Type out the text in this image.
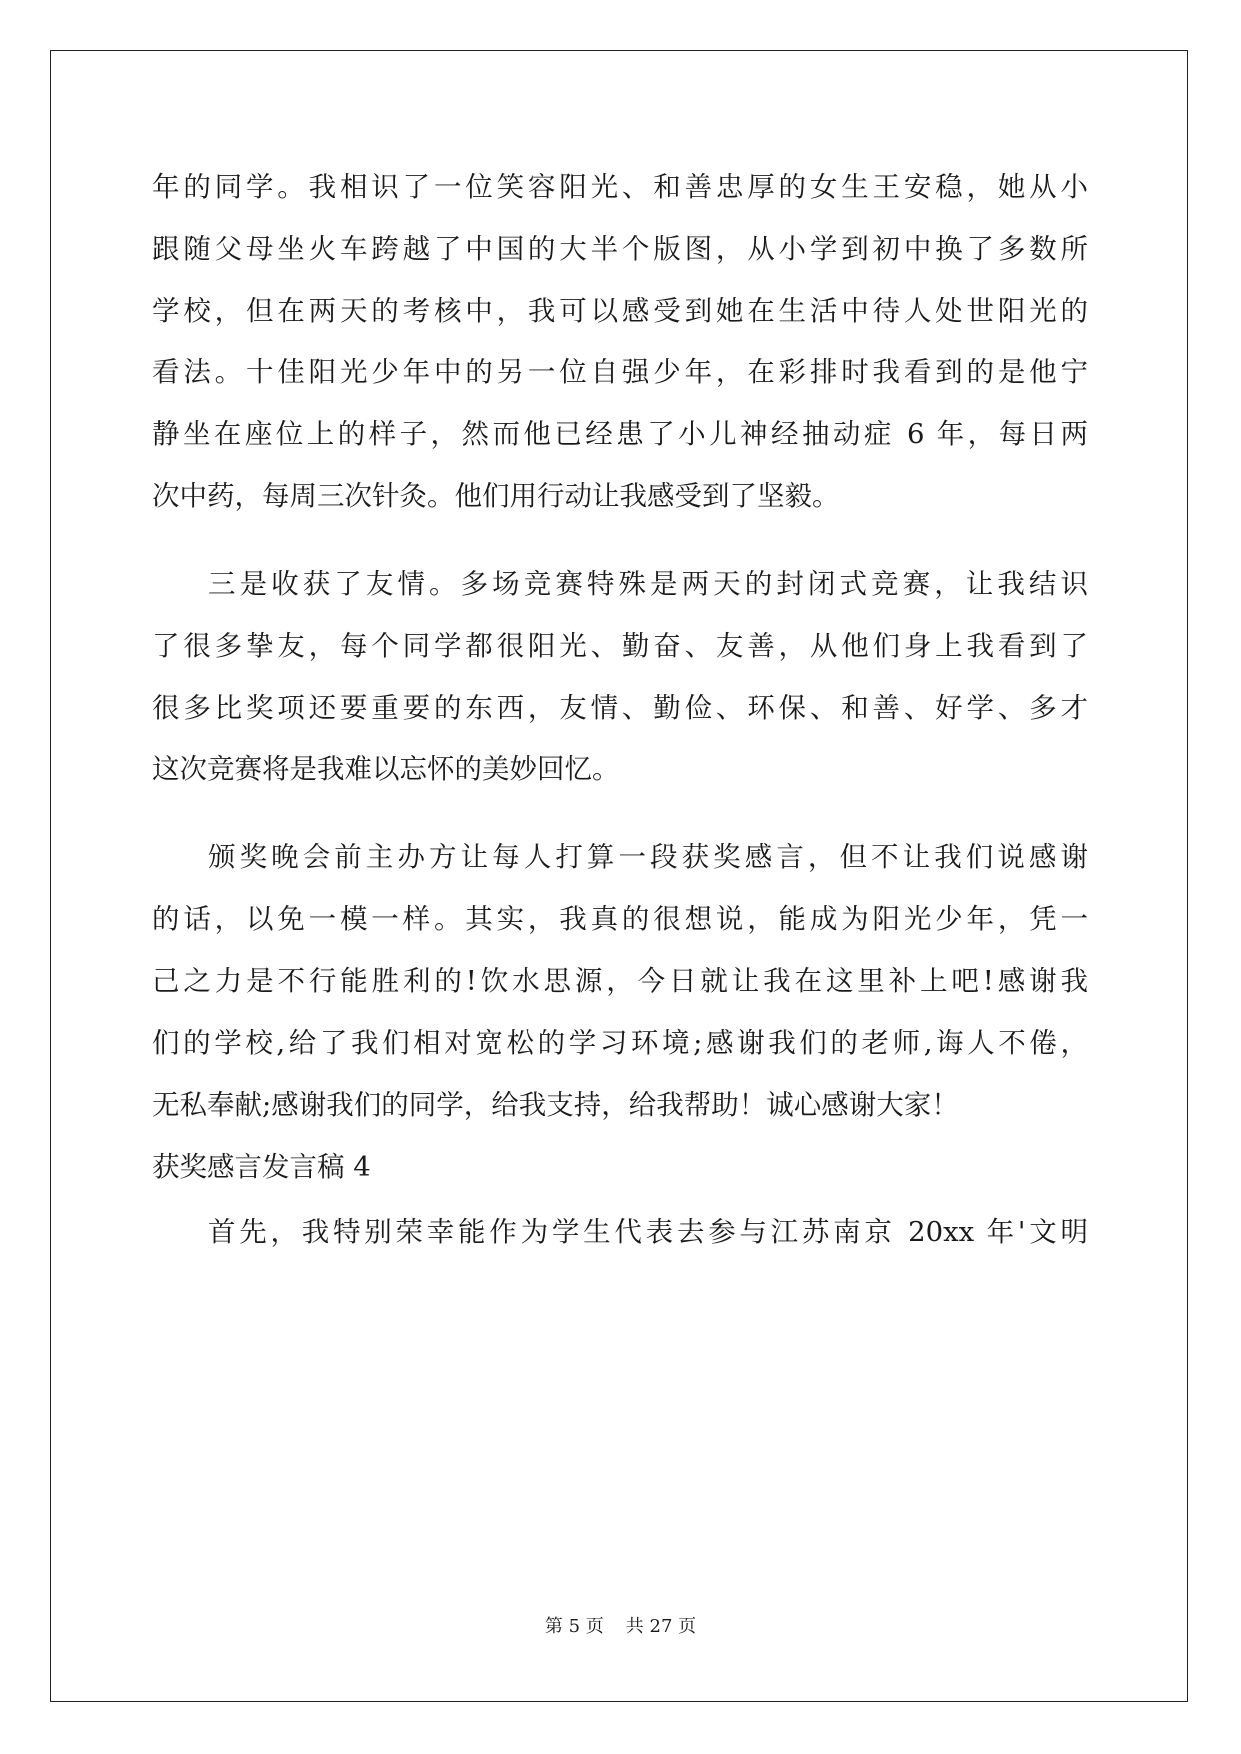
年的同学。我相识了一位笑容阳光、和善忠厚的女生王安稳，她从小
跟随父母坐火车跨越了中国的大半个版图，从小学到初中换了多数所
学校，但在两天的考核中，我可以感受到她在生活中待人处世阳光的
看法。十佳阳光少年中的另一位自强少年，在彩排时我看到的是他宁
静坐在座位上的样子，然而他已经患了小儿神经抽动症 6 年，每日两
次中药，每周三次针灸。他们用行动让我感受到了坚毅。
三是收获了友情。多场竞赛特殊是两天的封闭式竞赛，让我结识
了很多挚友，每个同学都很阳光、勤奋、友善，从他们身上我看到了
很多比奖项还要重要的东西，友情、勤俭、环保、和善、好学、多才
这次竞赛将是我难以忘怀的美妙回忆。
颁奖晚会前主办方让每人打算一段获奖感言，但不让我们说感谢
的话，以免一模一样。其实，我真的很想说，能成为阳光少年，凭一
己之力是不行能胜利的!饮水思源，今日就让我在这里补上吧!感谢我
们的学校,给了我们相对宽松的学习环境;感谢我们的老师,诲人不倦，
无私奉献;感谢我们的同学，给我支持，给我帮助！诚心感谢大家！
获奖感言发言稿 4
首先，我特别荣幸能作为学生代表去参与江苏南京 20xx 年'文明
第 5 页 共 27 页
